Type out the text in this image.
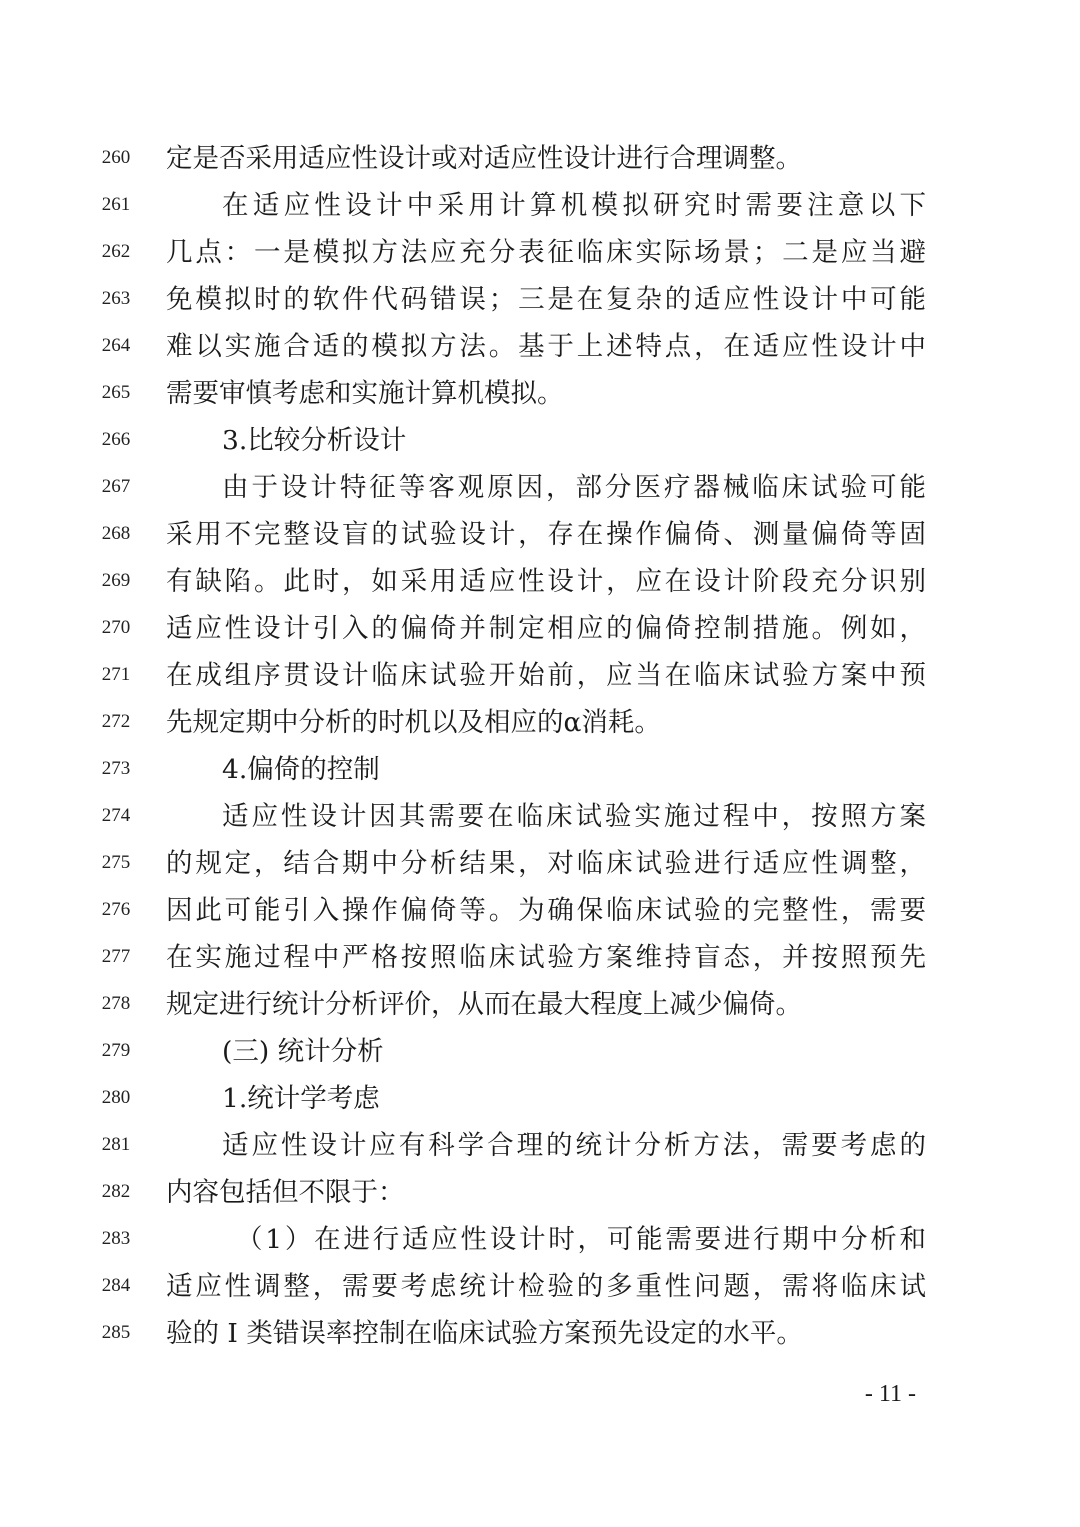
260 定是否采用适应性设计或对适应性设计进行合理调整。
261	在适应性设计中采用计算机模拟研究时需要注意以下
262 几点：一是模拟方法应充分表征临床实际场景；二是应当避
263 免模拟时的软件代码错误；三是在复杂的适应性设计中可能
264 难以实施合适的模拟方法。基于上述特点，在适应性设计中
265 需要审慎考虑和实施计算机模拟。
266	3.比较分析设计
267	由于设计特征等客观原因，部分医疗器械临床试验可能
268 采用不完整设盲的试验设计，存在操作偏倚、测量偏倚等固
269 有缺陷。此时，如采用适应性设计，应在设计阶段充分识别
270 适应性设计引入的偏倚并制定相应的偏倚控制措施。例如，
271 在成组序贯设计临床试验开始前，应当在临床试验方案中预
272 先规定期中分析的时机以及相应的α消耗。
273	4.偏倚的控制
274	适应性设计因其需要在临床试验实施过程中，按照方案
275 的规定，结合期中分析结果，对临床试验进行适应性调整，
276 因此可能引入操作偏倚等。为确保临床试验的完整性，需要
277 在实施过程中严格按照临床试验方案维持盲态，并按照预先
278 规定进行统计分析评价，从而在最大程度上减少偏倚。
279	(三) 统计分析
280	1.统计学考虑
281	适应性设计应有科学合理的统计分析方法，需要考虑的
282 内容包括但不限于：
283	（1）在进行适应性设计时，可能需要进行期中分析和
284 适应性调整，需要考虑统计检验的多重性问题，需将临床试
285 验的 I 类错误率控制在临床试验方案预先设定的水平。
- 11 -
